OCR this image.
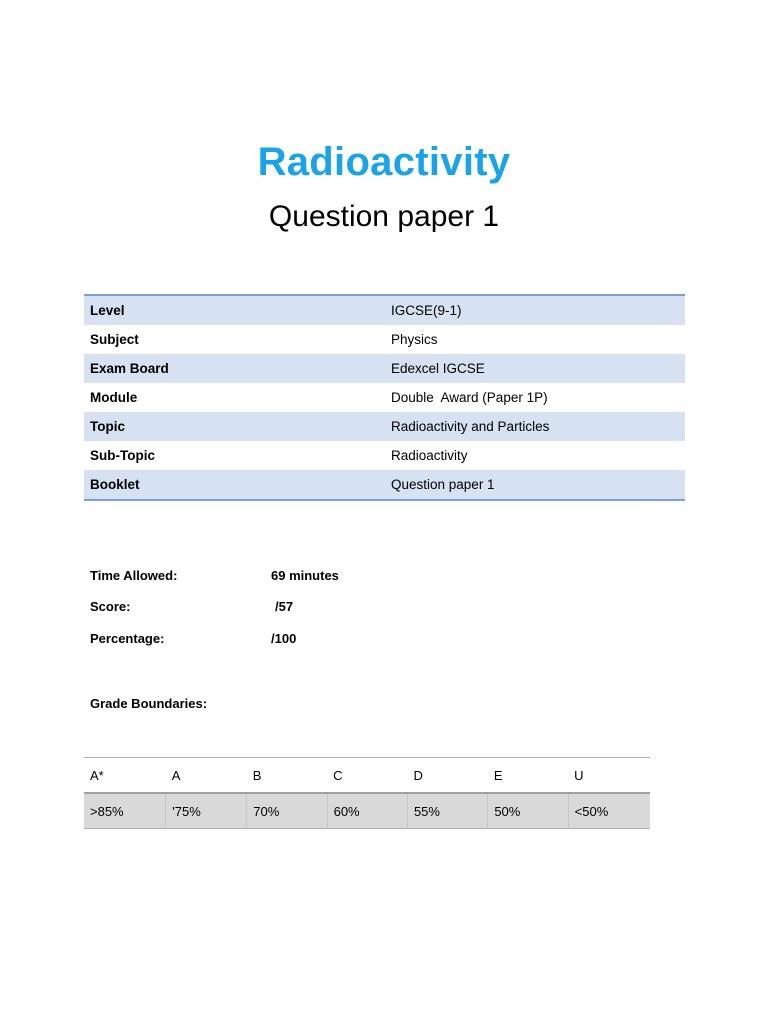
Radioactivity
Question paper 1
Level	IGCSE(9-1)
Subject	Physics
Exam Board	Edexcel IGCSE
Module	Double  Award (Paper 1P)
Topic	Radioactivity and Particles
Sub-Topic	Radioactivity
Booklet	Question paper 1
Time Allowed:	69 minutes
Score:	/57
Percentage:	/100
Grade Boundaries:
A*	A	B	C	D	E	U
>85%	'75%	70%	60%	55%	50%	<50%
